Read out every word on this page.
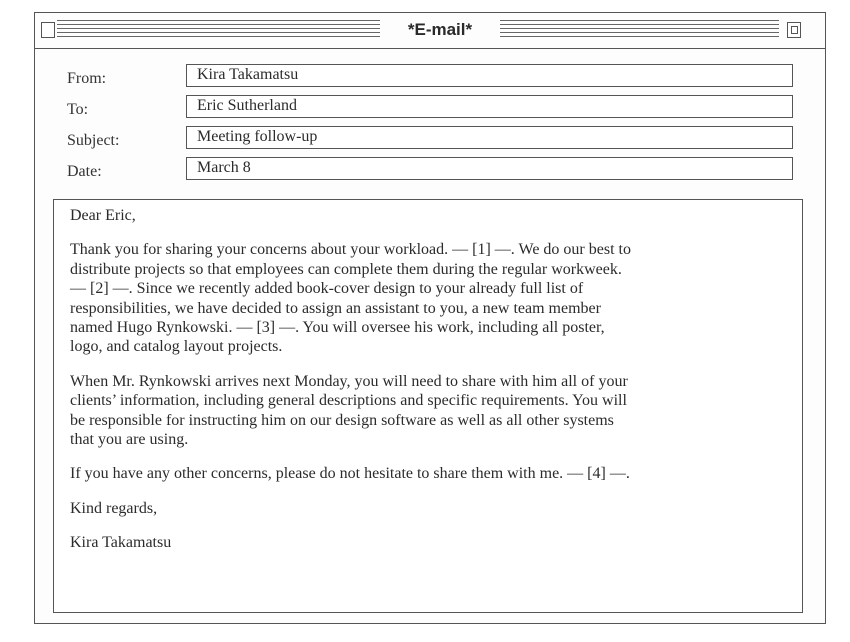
*E-mail*
From:	Kira Takamatsu
To:	Eric Sutherland
Subject:	Meeting follow-up
Date:	March 8

Dear Eric,

Thank you for sharing your concerns about your workload. — [1] —. We do our best to
distribute projects so that employees can complete them during the regular workweek.
— [2] —. Since we recently added book-cover design to your already full list of
responsibilities, we have decided to assign an assistant to you, a new team member
named Hugo Rynkowski. — [3] —. You will oversee his work, including all poster,
logo, and catalog layout projects.

When Mr. Rynkowski arrives next Monday, you will need to share with him all of your
clients’ information, including general descriptions and specific requirements. You will
be responsible for instructing him on our design software as well as all other systems
that you are using.

If you have any other concerns, please do not hesitate to share them with me. — [4] —.

Kind regards,

Kira Takamatsu
